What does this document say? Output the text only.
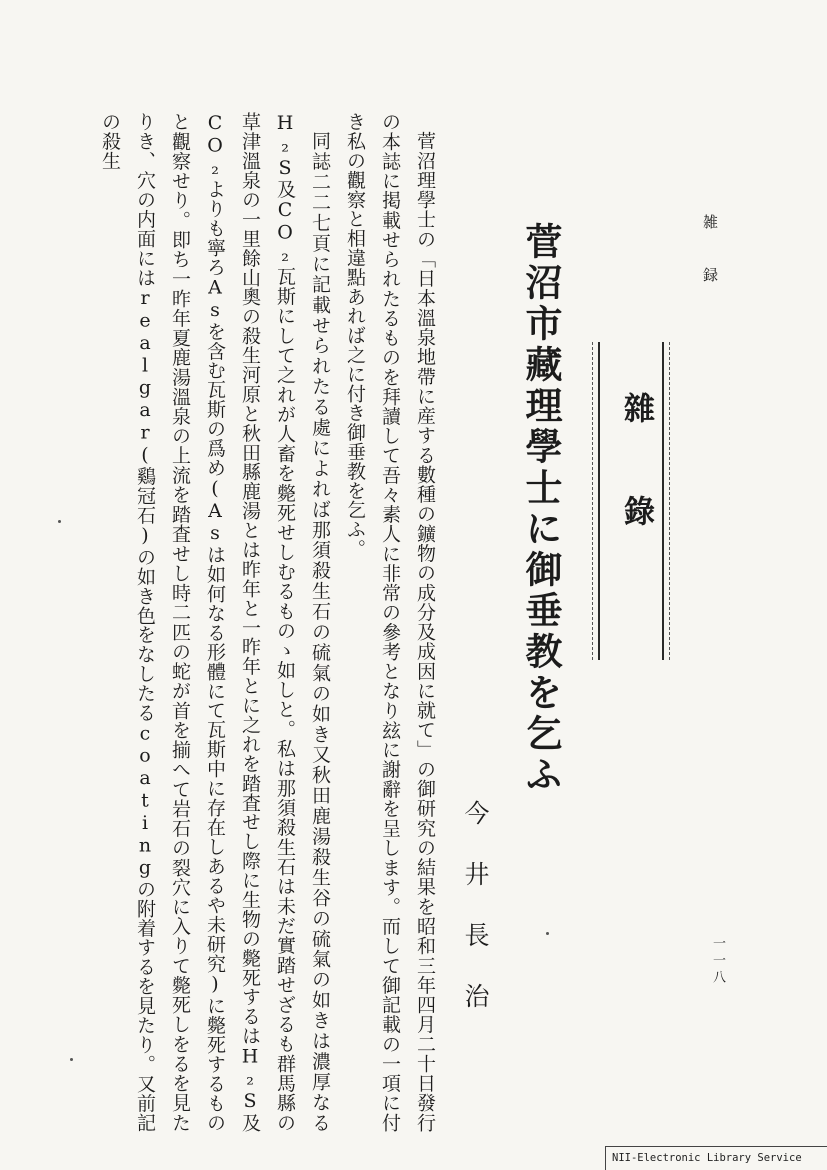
雑録
雜錄
菅沼市藏理學士に御垂教を乞ふ
今井長治	一一八
菅沼理學士の「日本溫泉地帶に産する數種の鑛物の成分及成因に就て」の御研究の結果を昭和三年四月二十日發行の本誌に掲載せられたるものを拜讀して吾々素人に非常の參考となり玆に謝辭を呈します。而して御記載の一項に付き私の觀察と相違點あれば之に付き御垂教を乞ふ。
同誌二二七頁に記載せられたる處によれば那須殺生石の硫氣の如き又秋田鹿湯殺生谷の硫氣の如きは濃厚なるH₂S及CO₂瓦斯にして之れが人畜を斃死せしむるものゝ如しと。私は那須殺生石は未だ實踏せざるも群馬縣の草津溫泉の一里餘山奧の殺生河原と秋田縣鹿湯とは昨年と一昨年とに之れを踏査せし際に生物の斃死するはH₂S及CO₂よりも寧ろAsを含む瓦斯の爲め(Asは如何なる形體にて瓦斯中に存在しあるや未研究)に斃死するものと觀察せり。即ち一昨年夏鹿湯溫泉の上流を踏査せし時二匹の蛇が首を揃へて岩石の裂穴に入りて斃死しをるを見たりき、穴の内面にはrealgar(鷄冠石)の如き色をなしたるcoatingの附着するを見たり。又前記の殺生
NII-Electronic Library Service
